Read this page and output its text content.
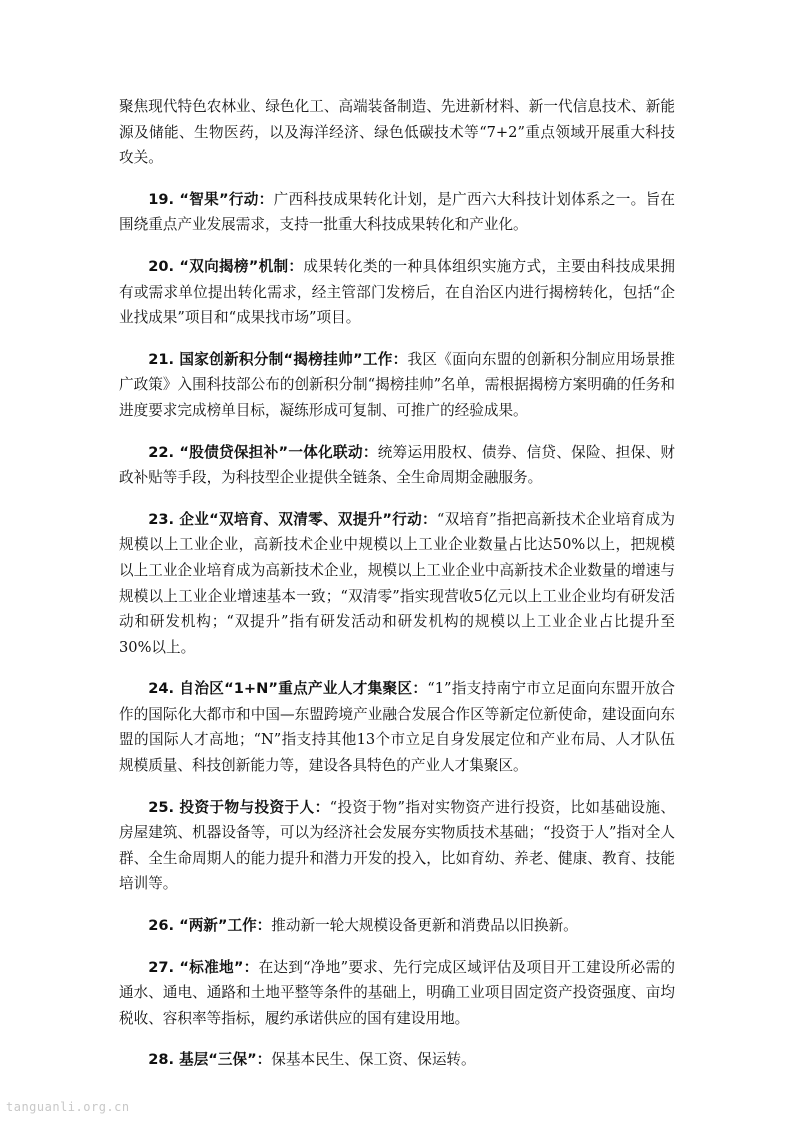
聚焦现代特色农林业、绿色化工、高端装备制造、先进新材料、新一代信息技术、新能源及储能、生物医药，以及海洋经济、绿色低碳技术等“7+2”重点领域开展重大科技攻关。

19. “智果”行动：广西科技成果转化计划，是广西六大科技计划体系之一。旨在围绕重点产业发展需求，支持一批重大科技成果转化和产业化。

20. “双向揭榜”机制：成果转化类的一种具体组织实施方式，主要由科技成果拥有或需求单位提出转化需求，经主管部门发榜后，在自治区内进行揭榜转化，包括“企业找成果”项目和“成果找市场”项目。

21. 国家创新积分制“揭榜挂帅”工作：我区《面向东盟的创新积分制应用场景推广政策》入围科技部公布的创新积分制“揭榜挂帅”名单，需根据揭榜方案明确的任务和进度要求完成榜单目标，凝练形成可复制、可推广的经验成果。

22. “股债贷保担补”一体化联动：统筹运用股权、债券、信贷、保险、担保、财政补贴等手段，为科技型企业提供全链条、全生命周期金融服务。

23. 企业“双培育、双清零、双提升”行动：“双培育”指把高新技术企业培育成为规模以上工业企业，高新技术企业中规模以上工业企业数量占比达50%以上，把规模以上工业企业培育成为高新技术企业，规模以上工业企业中高新技术企业数量的增速与规模以上工业企业增速基本一致；“双清零”指实现营收5亿元以上工业企业均有研发活动和研发机构；“双提升”指有研发活动和研发机构的规模以上工业企业占比提升至30%以上。

24. 自治区“1+N”重点产业人才集聚区：“1”指支持南宁市立足面向东盟开放合作的国际化大都市和中国—东盟跨境产业融合发展合作区等新定位新使命，建设面向东盟的国际人才高地；“N”指支持其他13个市立足自身发展定位和产业布局、人才队伍规模质量、科技创新能力等，建设各具特色的产业人才集聚区。

25. 投资于物与投资于人：“投资于物”指对实物资产进行投资，比如基础设施、房屋建筑、机器设备等，可以为经济社会发展夯实物质技术基础；“投资于人”指对全人群、全生命周期人的能力提升和潜力开发的投入，比如育幼、养老、健康、教育、技能培训等。

26. “两新”工作：推动新一轮大规模设备更新和消费品以旧换新。

27. “标准地”：在达到“净地”要求、先行完成区域评估及项目开工建设所必需的通水、通电、通路和土地平整等条件的基础上，明确工业项目固定资产投资强度、亩均税收、容积率等指标，履约承诺供应的国有建设用地。

28. 基层“三保”：保基本民生、保工资、保运转。

tanguanli.org.cn
